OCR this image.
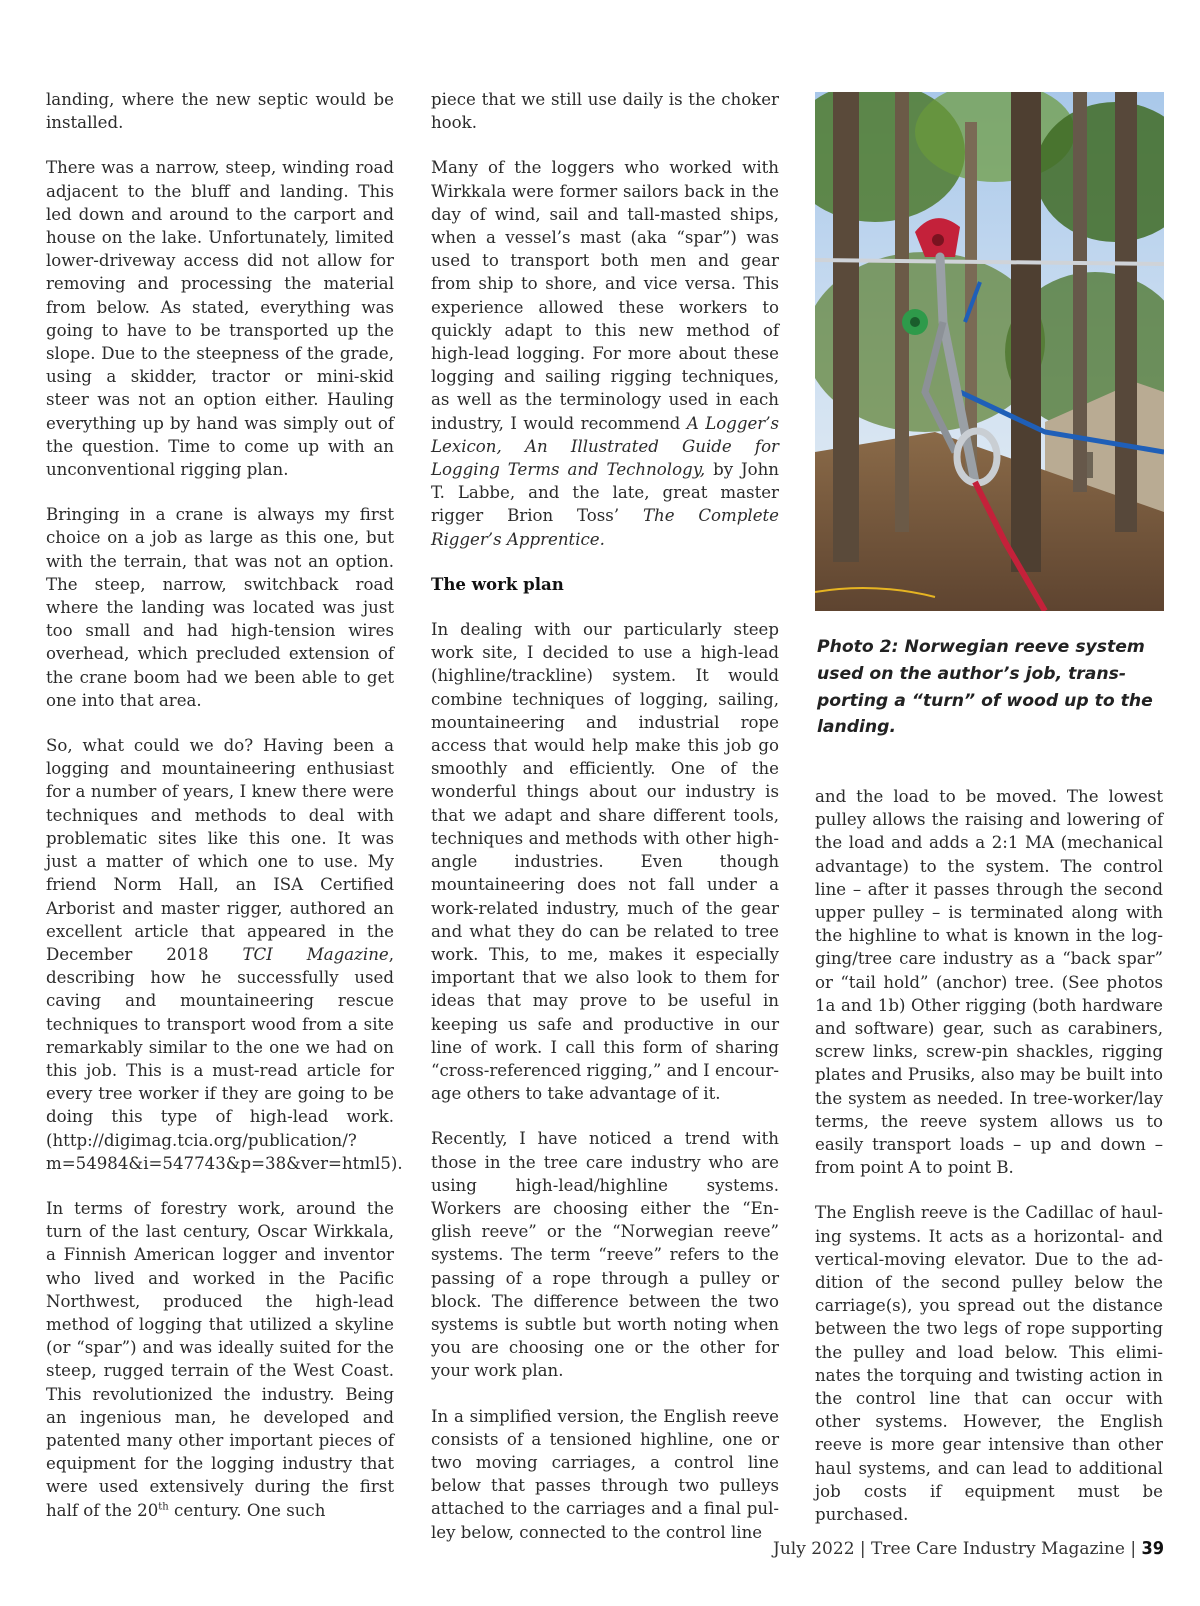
landing, where the new septic would be installed.

There was a narrow, steep, winding road adjacent to the bluff and landing. This led down and around to the carport and house on the lake. Unfortunately, limited lower-driveway access did not allow for removing and processing the material from below. As stated, everything was going to have to be transported up the slope. Due to the steepness of the grade, using a skidder, tractor or mini-skid steer was not an option either. Hauling everything up by hand was simply out of the question. Time to come up with an unconventional rigging plan.

Bringing in a crane is always my first choice on a job as large as this one, but with the terrain, that was not an option. The steep, narrow, switchback road where the landing was located was just too small and had high-tension wires overhead, which precluded extension of the crane boom had we been able to get one into that area.

So, what could we do? Having been a logging and mountaineering enthusiast for a number of years, I knew there were techniques and methods to deal with problematic sites like this one. It was just a matter of which one to use. My friend Norm Hall, an ISA Certified Arborist and master rigger, authored an excellent article that appeared in the December 2018 TCI Magazine, describing how he successfully used caving and mountaineering rescue techniques to transport wood from a site remarkably similar to the one we had on this job. This is a must-read article for every tree worker if they are going to be doing this type of high-lead work. (http://digimag.tcia.org/publication/?m=54984&i=547743&p=38&ver=html5).

In terms of forestry work, around the turn of the last century, Oscar Wirkkala, a Finnish American logger and inventor who lived and worked in the Pacific Northwest, produced the high-lead method of logging that utilized a skyline (or “spar”) and was ideally suited for the steep, rugged terrain of the West Coast. This revolutionized the industry. Being an ingenious man, he developed and patented many other important pieces of equipment for the logging industry that were used extensively during the first half of the 20th century. One such

piece that we still use daily is the choker hook.

Many of the loggers who worked with Wirkkala were former sailors back in the day of wind, sail and tall-masted ships, when a vessel’s mast (aka “spar”) was used to transport both men and gear from ship to shore, and vice versa. This experience allowed these workers to quickly adapt to this new method of high-lead logging. For more about these logging and sailing rigging techniques, as well as the terminology used in each industry, I would recommend A Logger’s Lexicon, An Illustrated Guide for Logging Terms and Technology, by John T. Labbe, and the late, great master rigger Brion Toss’ The Complete Rigger’s Apprentice.

The work plan

In dealing with our particularly steep work site, I decided to use a high-lead (highline/trackline) system. It would combine techniques of logging, sailing, mountaineering and industrial rope access that would help make this job go smoothly and efficiently. One of the wonderful things about our industry is that we adapt and share different tools, techniques and methods with other high-angle industries. Even though mountaineering does not fall under a work-related industry, much of the gear and what they do can be related to tree work. This, to me, makes it especially important that we also look to them for ideas that may prove to be useful in keeping us safe and productive in our line of work. I call this form of sharing “cross-referenced rigging,” and I encourage others to take advantage of it.

Recently, I have noticed a trend with those in the tree care industry who are using high-lead/highline systems. Workers are choosing either the “English reeve” or the “Norwegian reeve” systems. The term “reeve” refers to the passing of a rope through a pulley or block. The difference between the two systems is subtle but worth noting when you are choosing one or the other for your work plan.

In a simplified version, the English reeve consists of a tensioned highline, one or two moving carriages, a control line below that passes through two pulleys attached to the carriages and a final pulley below, connected to the control line

Photo 2: Norwegian reeve system used on the author’s job, transporting a “turn” of wood up to the landing.

and the load to be moved. The lowest pulley allows the raising and lowering of the load and adds a 2:1 MA (mechanical advantage) to the system. The control line – after it passes through the second upper pulley – is terminated along with the highline to what is known in the logging/tree care industry as a “back spar” or “tail hold” (anchor) tree. (See photos 1a and 1b) Other rigging (both hardware and software) gear, such as carabiners, screw links, screw-pin shackles, rigging plates and Prusiks, also may be built into the system as needed. In tree-worker/lay terms, the reeve system allows us to easily transport loads – up and down – from point A to point B.

The English reeve is the Cadillac of hauling systems. It acts as a horizontal- and vertical-moving elevator. Due to the addition of the second pulley below the carriage(s), you spread out the distance between the two legs of rope supporting the pulley and load below. This eliminates the torquing and twisting action in the control line that can occur with other systems. However, the English reeve is more gear intensive than other haul systems, and can lead to additional job costs if equipment must be purchased.

July 2022 | Tree Care Industry Magazine | 39
